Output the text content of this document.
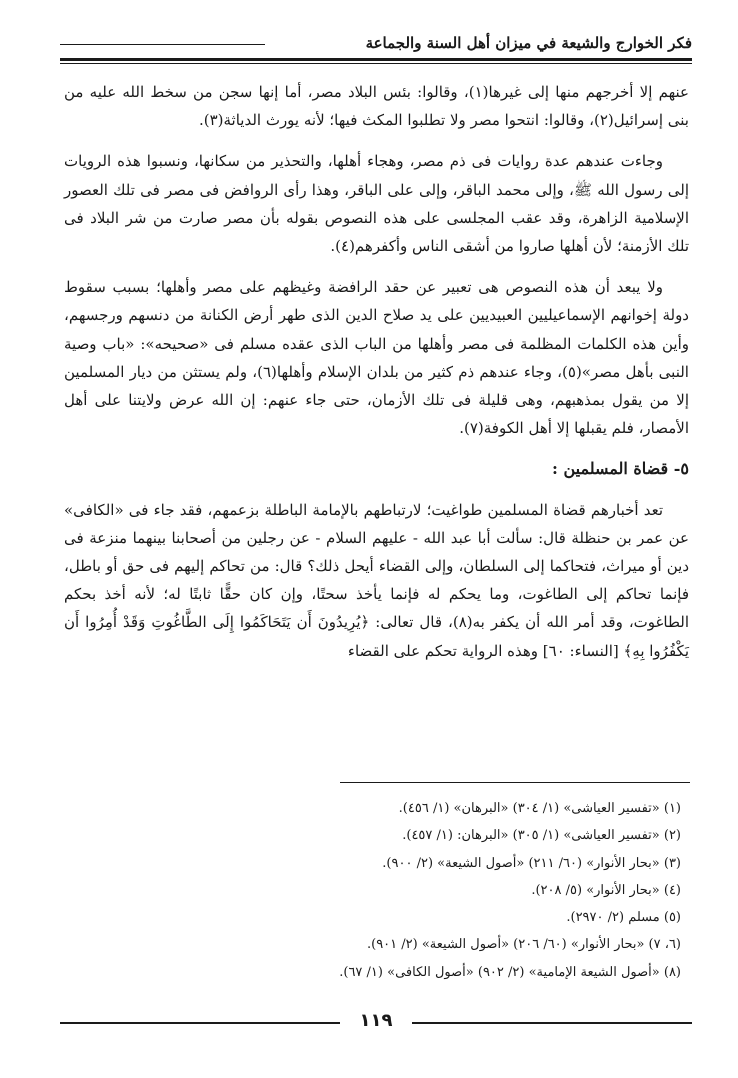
فكر الخوارج والشيعة في ميزان أهل السنة والجماعة

عنهم إلا أخرجهم منها إلى غيرها(١)، وقالوا: بئس البلاد مصر، أما إنها سجن من سخط الله عليه من بنى إسرائيل(٢)، وقالوا: انتحوا مصر ولا تطلبوا المكث فيها؛ لأنه يورث الدياثة(٣).

وجاءت عندهم عدة روايات فى ذم مصر، وهجاء أهلها، والتحذير من سكانها، ونسبوا هذه الرويات إلى رسول الله ﷺ، وإلى محمد الباقر، وإلى على الباقر، وهذا رأى الروافض فى مصر فى تلك العصور الإسلامية الزاهرة، وقد عقب المجلسى على هذه النصوص بقوله بأن مصر صارت من شر البلاد فى تلك الأزمنة؛ لأن أهلها صاروا من أشقى الناس وأكفرهم(٤).

ولا يبعد أن هذه النصوص هى تعبير عن حقد الرافضة وغيظهم على مصر وأهلها؛ بسبب سقوط دولة إخوانهم الإسماعيليين العبيديين على يد صلاح الدين الذى طهر أرض الكنانة من دنسهم ورجسهم، وأين هذه الكلمات المظلمة فى مصر وأهلها من الباب الذى عقده مسلم فى «صحيحه»: «باب وصية النبى بأهل مصر»(٥)، وجاء عندهم ذم كثير من بلدان الإسلام وأهلها(٦)، ولم يستثن من ديار المسلمين إلا من يقول بمذهبهم، وهى قليلة فى تلك الأزمان، حتى جاء عنهم: إن الله عرض ولايتنا على أهل الأمصار، فلم يقبلها إلا أهل الكوفة(٧).

٥- قضاة المسلمين :

تعد أخبارهم قضاة المسلمين طواغيت؛ لارتباطهم بالإمامة الباطلة بزعمهم، فقد جاء فى «الكافى» عن عمر بن حنظلة قال: سألت أبا عبد الله - عليهم السلام - عن رجلين من أصحابنا بينهما منزعة فى دين أو ميراث، فتحاكما إلى السلطان، وإلى القضاء أيحل ذلك؟ قال: من تحاكم إليهم فى حق أو باطل، فإنما تحاكم إلى الطاغوت، وما يحكم له فإنما يأخذ سحتًا، وإن كان حقًّا ثابتًا له؛ لأنه أخذ بحكم الطاغوت، وقد أمر الله أن يكفر به(٨)، قال تعالى: ﴿يُرِيدُونَ أَن يَتَحَاكَمُوا إِلَى الطَّاغُوتِ وَقَدْ أُمِرُوا أَن يَكْفُرُوا بِهِ﴾ [النساء: ٦٠] وهذه الرواية تحكم على القضاء

(١) «تفسير العياشى» (١/ ٣٠٤) «البرهان» (١/ ٤٥٦).
(٢) «تفسير العياشى» (١/ ٣٠٥) «البرهان: (١/ ٤٥٧).
(٣) «بحار الأنوار» (٦٠/ ٢١١) «أصول الشيعة» (٢/ ٩٠٠).
(٤) «بحار الأنوار» (٥/ ٢٠٨).
(٥) مسلم (٢/ ٢٩٧٠).
(٦، ٧) «بحار الأنوار» (٦٠/ ٢٠٦) «أصول الشيعة» (٢/ ٩٠١).
(٨) «أصول الشيعة الإمامية» (٢/ ٩٠٢) «أصول الكافى» (١/ ٦٧).
١١٩
